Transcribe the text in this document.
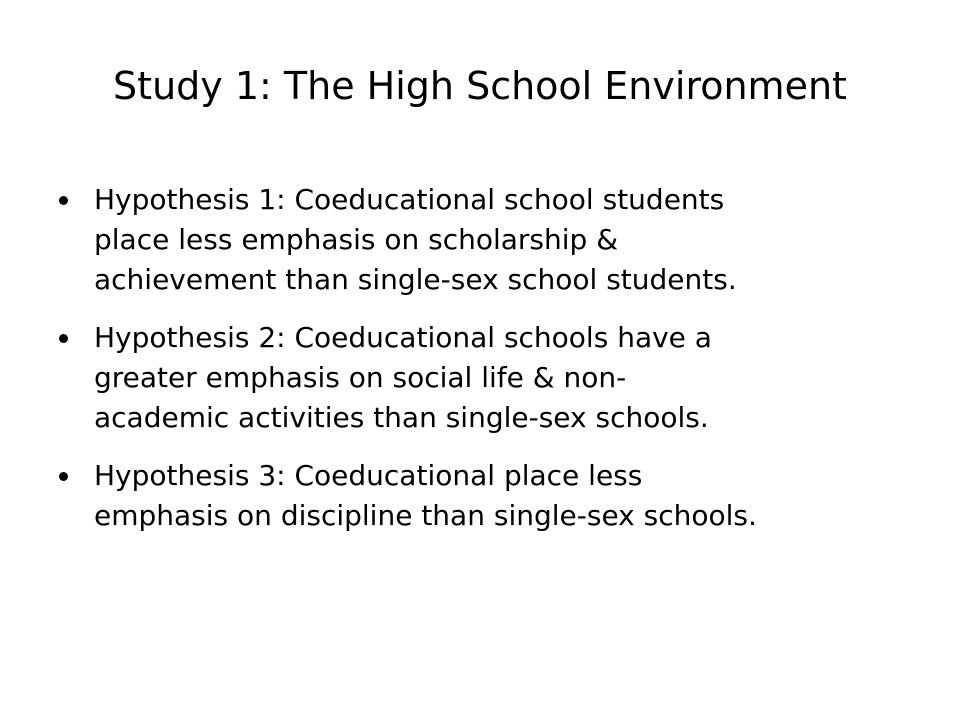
Study 1: The High School Environment
Hypothesis 1: Coeducational school students
place less emphasis on scholarship &
achievement than single-sex school students.
Hypothesis 2: Coeducational schools have a
greater emphasis on social life & non-
academic activities than single-sex schools.
Hypothesis 3: Coeducational place less
emphasis on discipline than single-sex schools.
